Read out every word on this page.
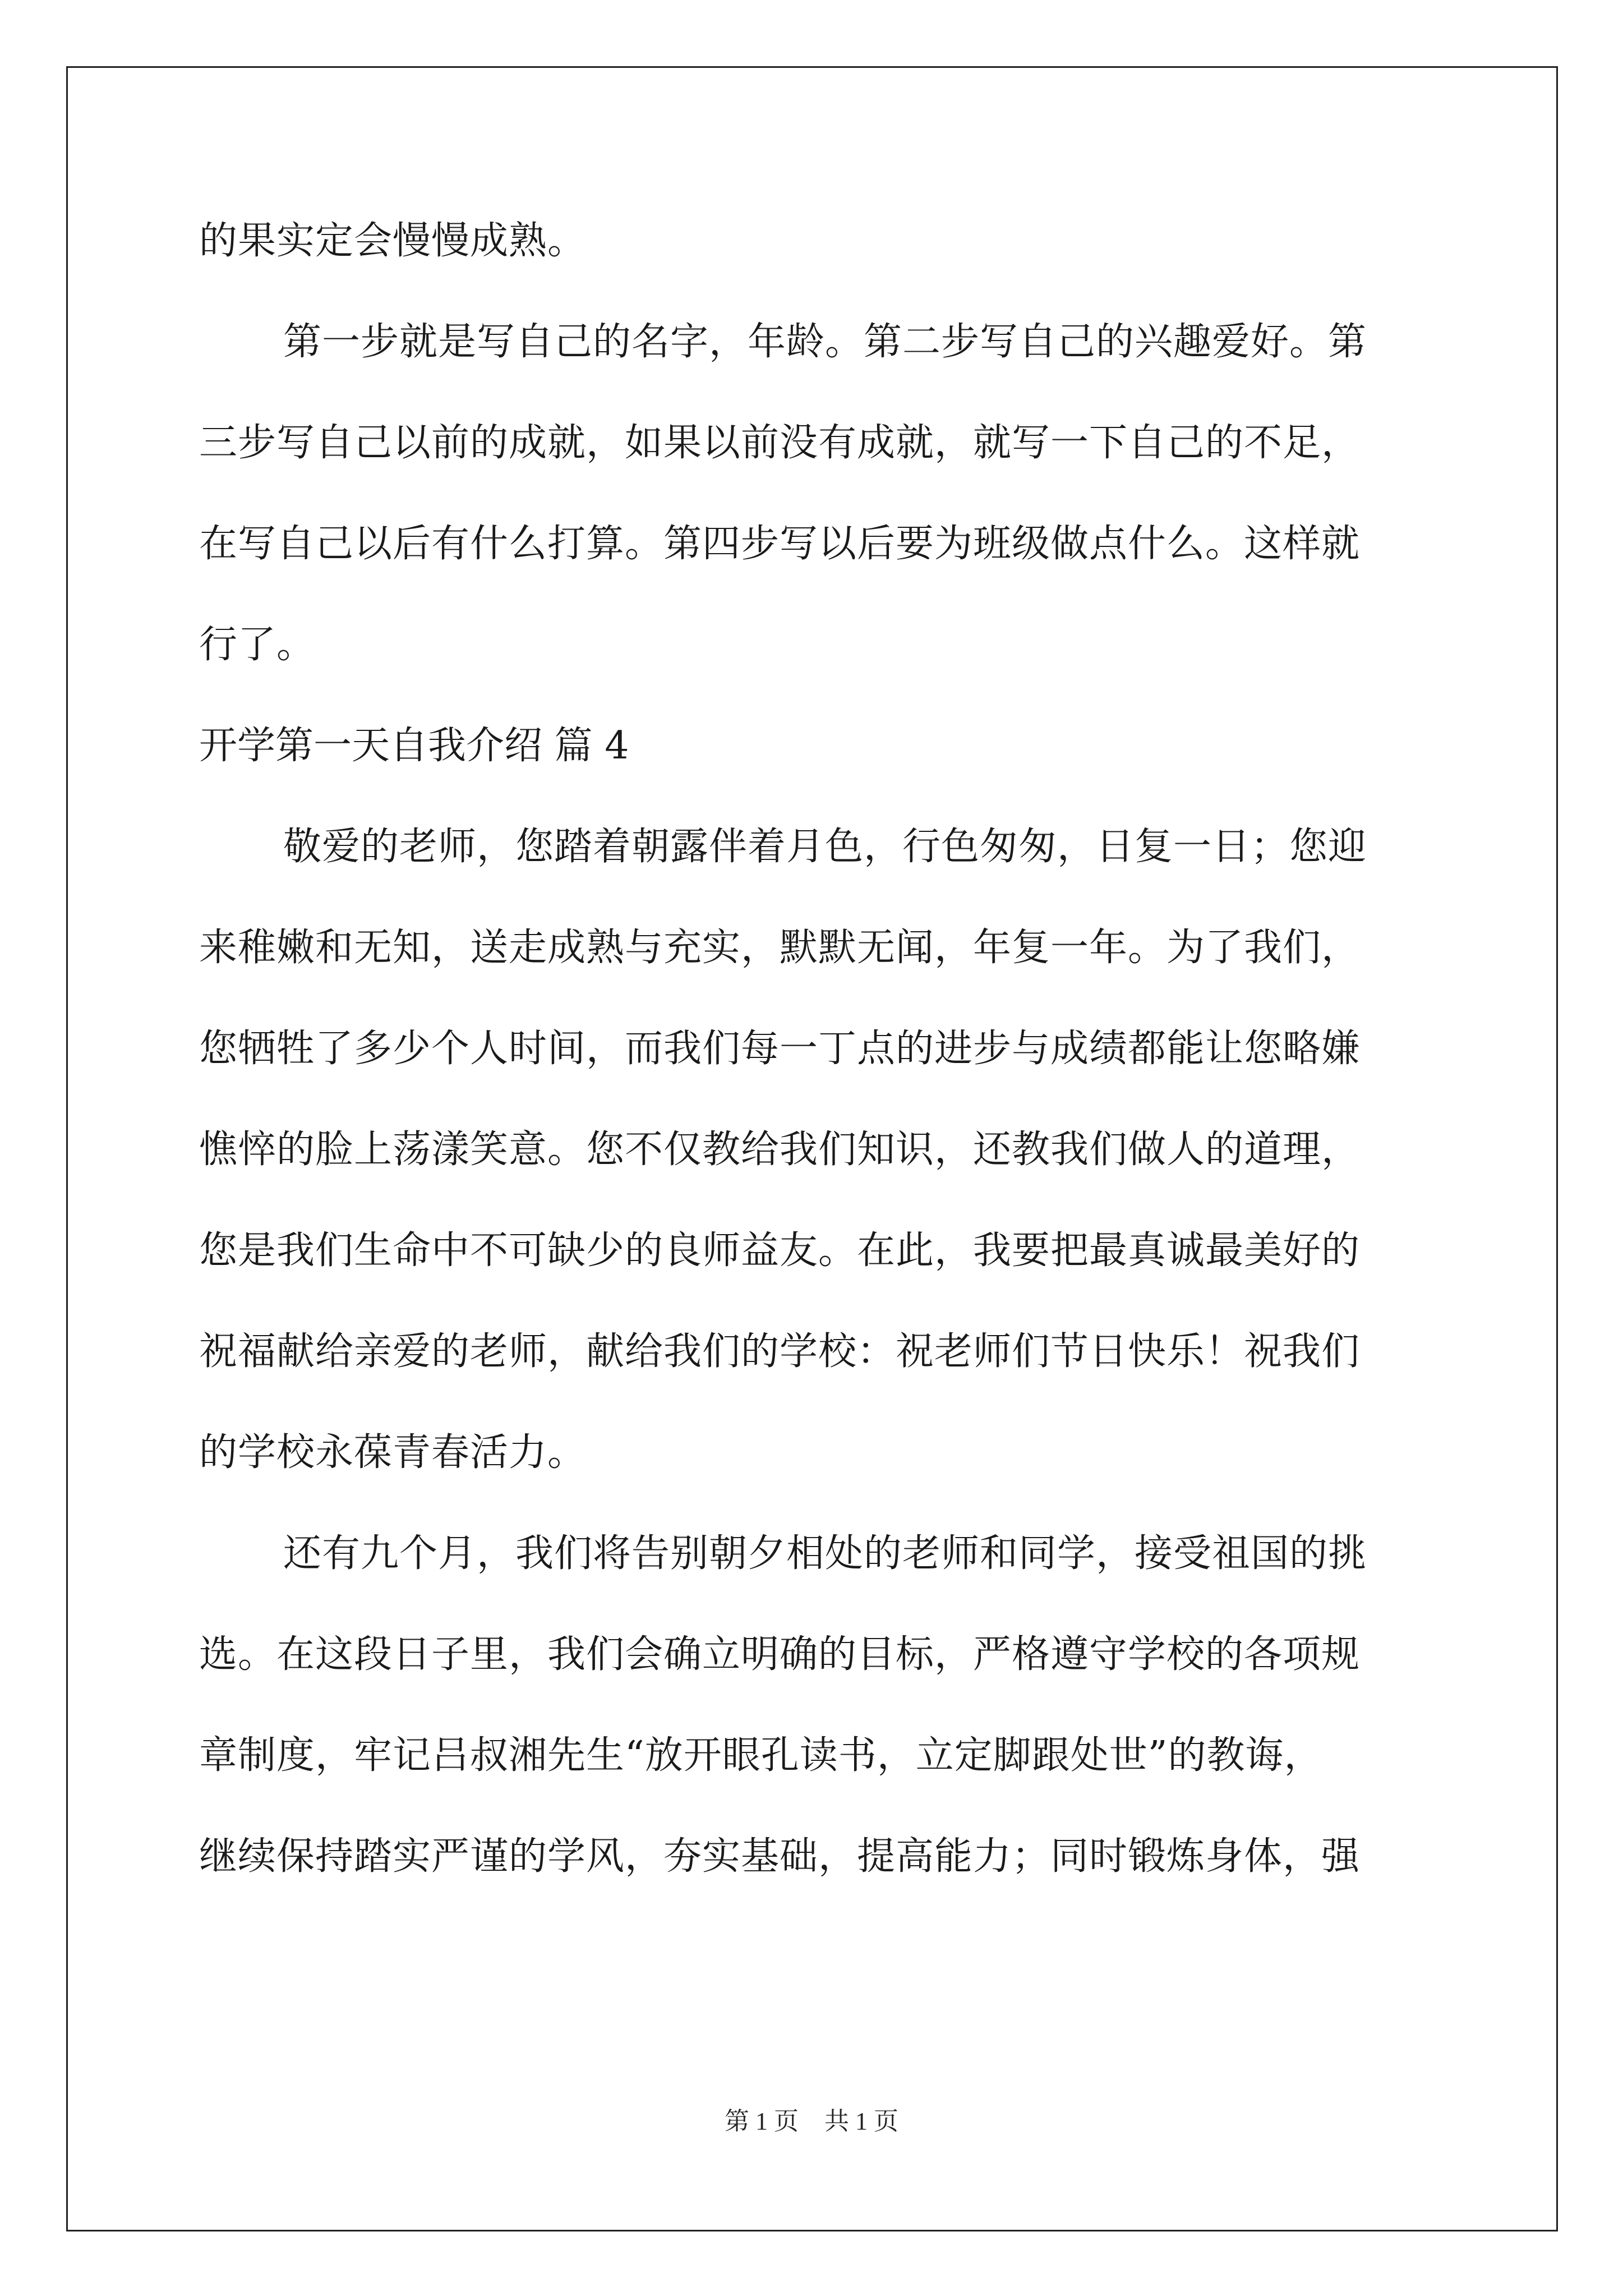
的果实定会慢慢成熟。
第一步就是写自己的名字，年龄。第二步写自己的兴趣爱好。第
三步写自己以前的成就，如果以前没有成就，就写一下自己的不足，
在写自己以后有什么打算。第四步写以后要为班级做点什么。这样就
行了。
开学第一天自我介绍 篇 4
敬爱的老师，您踏着朝露伴着月色，行色匆匆，日复一日；您迎
来稚嫩和无知，送走成熟与充实，默默无闻，年复一年。为了我们，
您牺牲了多少个人时间，而我们每一丁点的进步与成绩都能让您略嫌
憔悴的脸上荡漾笑意。您不仅教给我们知识，还教我们做人的道理，
您是我们生命中不可缺少的良师益友。在此，我要把最真诚最美好的
祝福献给亲爱的老师，献给我们的学校：祝老师们节日快乐！祝我们
的学校永葆青春活力。
还有九个月，我们将告别朝夕相处的老师和同学，接受祖国的挑
选。在这段日子里，我们会确立明确的目标，严格遵守学校的各项规
章制度，牢记吕叔湘先生“放开眼孔读书，立定脚跟处世”的教诲，
继续保持踏实严谨的学风，夯实基础，提高能力；同时锻炼身体，强
第 1 页 共 1 页
